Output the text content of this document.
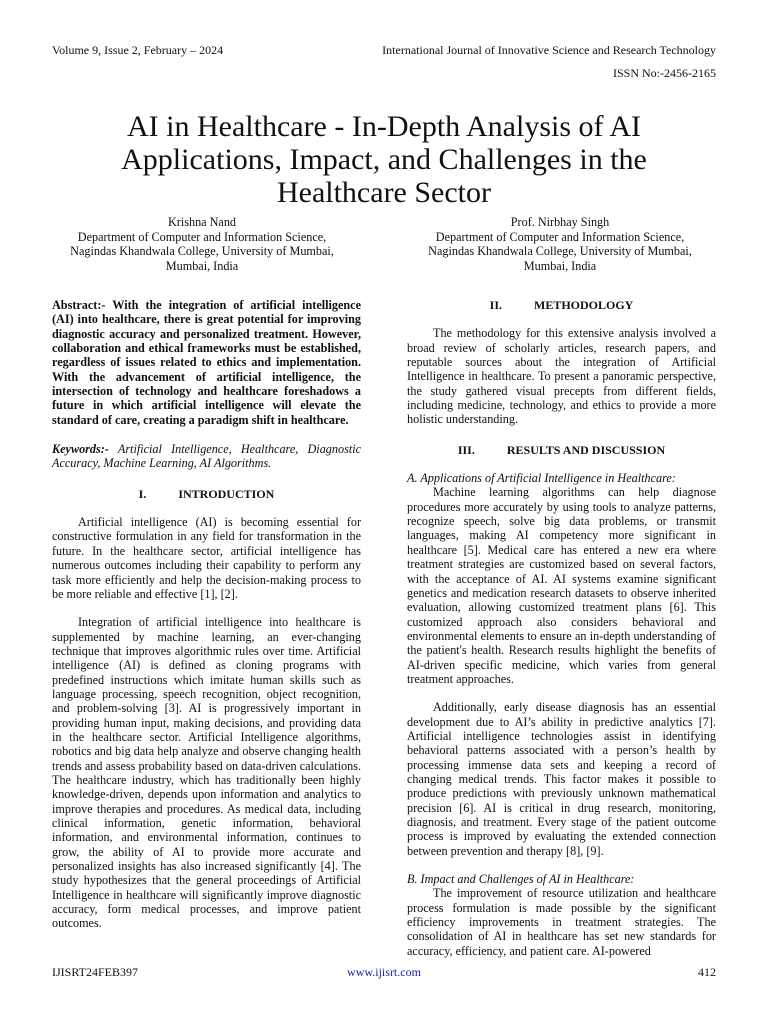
Volume 9, Issue 2, February – 2024	International Journal of Innovative Science and Research Technology
ISSN No:-2456-2165
AI in Healthcare - In-Depth Analysis of AI Applications, Impact, and Challenges in the Healthcare Sector
Krishna Nand
Department of Computer and Information Science,
Nagindas Khandwala College, University of Mumbai,
Mumbai, India
Prof. Nirbhay Singh
Department of Computer and Information Science,
Nagindas Khandwala College, University of Mumbai,
Mumbai, India

Abstract:- With the integration of artificial intelligence (AI) into healthcare, there is great potential for improving diagnostic accuracy and personalized treatment. However, collaboration and ethical frameworks must be established, regardless of issues related to ethics and implementation. With the advancement of artificial intelligence, the intersection of technology and healthcare foreshadows a future in which artificial intelligence will elevate the standard of care, creating a paradigm shift in healthcare.

Keywords:- Artificial Intelligence, Healthcare, Diagnostic Accuracy, Machine Learning, AI Algorithms.

I.	INTRODUCTION

Artificial intelligence (AI) is becoming essential for constructive formulation in any field for transformation in the future. In the healthcare sector, artificial intelligence has numerous outcomes including their capability to perform any task more efficiently and help the decision-making process to be more reliable and effective [1], [2].

Integration of artificial intelligence into healthcare is supplemented by machine learning, an ever-changing technique that improves algorithmic rules over time. Artificial intelligence (AI) is defined as cloning programs with predefined instructions which imitate human skills such as language processing, speech recognition, object recognition, and problem-solving [3]. AI is progressively important in providing human input, making decisions, and providing data in the healthcare sector. Artificial Intelligence algorithms, robotics and big data help analyze and observe changing health trends and assess probability based on data-driven calculations. The healthcare industry, which has traditionally been highly knowledge-driven, depends upon information and analytics to improve therapies and procedures. As medical data, including clinical information, genetic information, behavioral information, and environmental information, continues to grow, the ability of AI to provide more accurate and personalized insights has also increased significantly [4]. The study hypothesizes that the general proceedings of Artificial Intelligence in healthcare will significantly improve diagnostic accuracy, form medical processes, and improve patient outcomes.

II.	METHODOLOGY

The methodology for this extensive analysis involved a broad review of scholarly articles, research papers, and reputable sources about the integration of Artificial Intelligence in healthcare. To present a panoramic perspective, the study gathered visual precepts from different fields, including medicine, technology, and ethics to provide a more holistic understanding.

III.	RESULTS AND DISCUSSION

A. Applications of Artificial Intelligence in Healthcare:

Machine learning algorithms can help diagnose procedures more accurately by using tools to analyze patterns, recognize speech, solve big data problems, or transmit languages, making AI competency more significant in healthcare [5]. Medical care has entered a new era where treatment strategies are customized based on several factors, with the acceptance of AI. AI systems examine significant genetics and medication research datasets to observe inherited evaluation, allowing customized treatment plans [6]. This customized approach also considers behavioral and environmental elements to ensure an in-depth understanding of the patient's health. Research results highlight the benefits of AI-driven specific medicine, which varies from general treatment approaches.

Additionally, early disease diagnosis has an essential development due to AI’s ability in predictive analytics [7]. Artificial intelligence technologies assist in identifying behavioral patterns associated with a person’s health by processing immense data sets and keeping a record of changing medical trends. This factor makes it possible to produce predictions with previously unknown mathematical precision [6]. AI is critical in drug research, monitoring, diagnosis, and treatment. Every stage of the patient outcome process is improved by evaluating the extended connection between prevention and therapy [8], [9].

B. Impact and Challenges of AI in Healthcare:

The improvement of resource utilization and healthcare process formulation is made possible by the significant efficiency improvements in treatment strategies. The consolidation of AI in healthcare has set new standards for accuracy, efficiency, and patient care. AI-powered

IJISRT24FEB397	www.ijisrt.com	412
